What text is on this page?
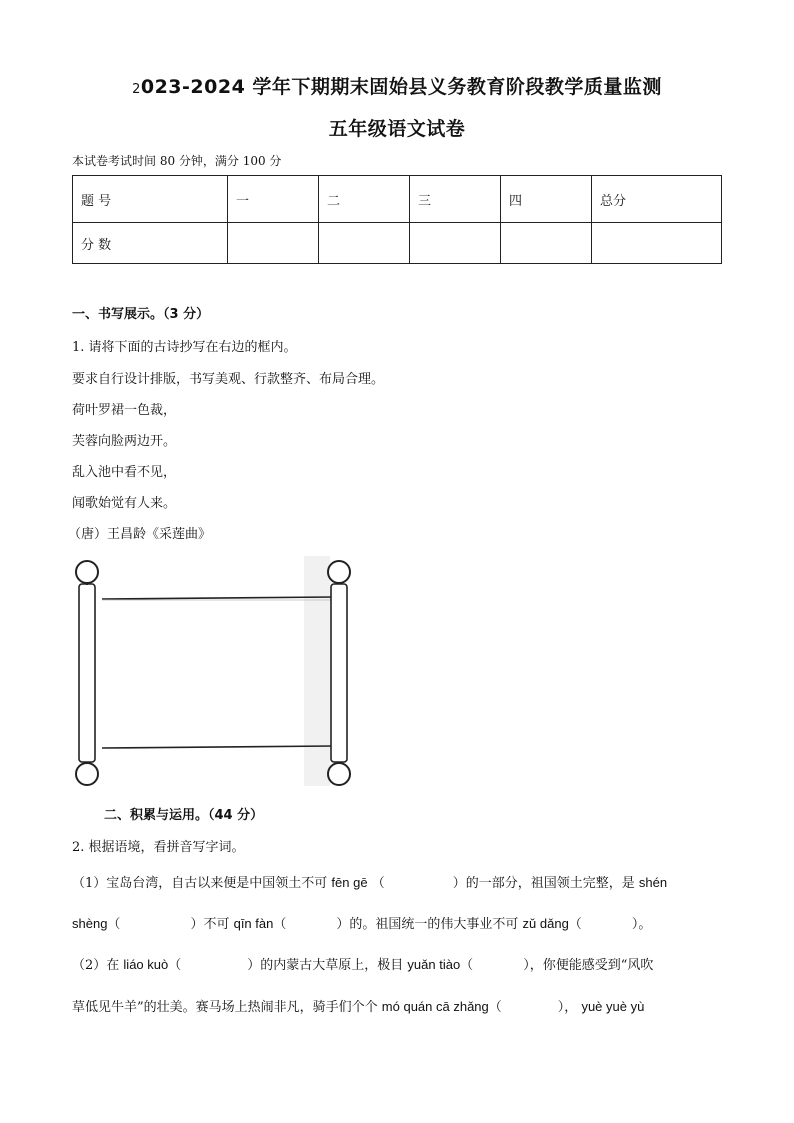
2023-2024 学年下期期末固始县义务教育阶段教学质量监测
五年级语文试卷
本试卷考试时间 80 分钟，满分 100 分
题 号	一	二	三	四	总分
分 数					
一、书写展示。（3 分）
1. 请将下面的古诗抄写在右边的框内。
要求自行设计排版，书写美观、行款整齐、布局合理。
荷叶罗裙一色裁，
芙蓉向脸两边开。
乱入池中看不见，
闻歌始觉有人来。
（唐）王昌龄《采莲曲》
二、积累与运用。（44 分）
2. 根据语境，看拼音写字词。
（1）宝岛台湾，自古以来便是中国领土不可 fēn gē （	）的一部分，祖国领土完整，是 shén
shèng（	）不可 qīn fàn（	）的。祖国统一的伟大事业不可 zǔ dǎng（	）。
（2）在 liáo kuò（	）的内蒙古大草原上，极目 yuǎn tiào（	），你便能感受到“风吹
草低见牛羊”的壮美。赛马场上热闹非凡，骑手们个个 mó quán cā zhǎng（	）， yuè yuè yù
